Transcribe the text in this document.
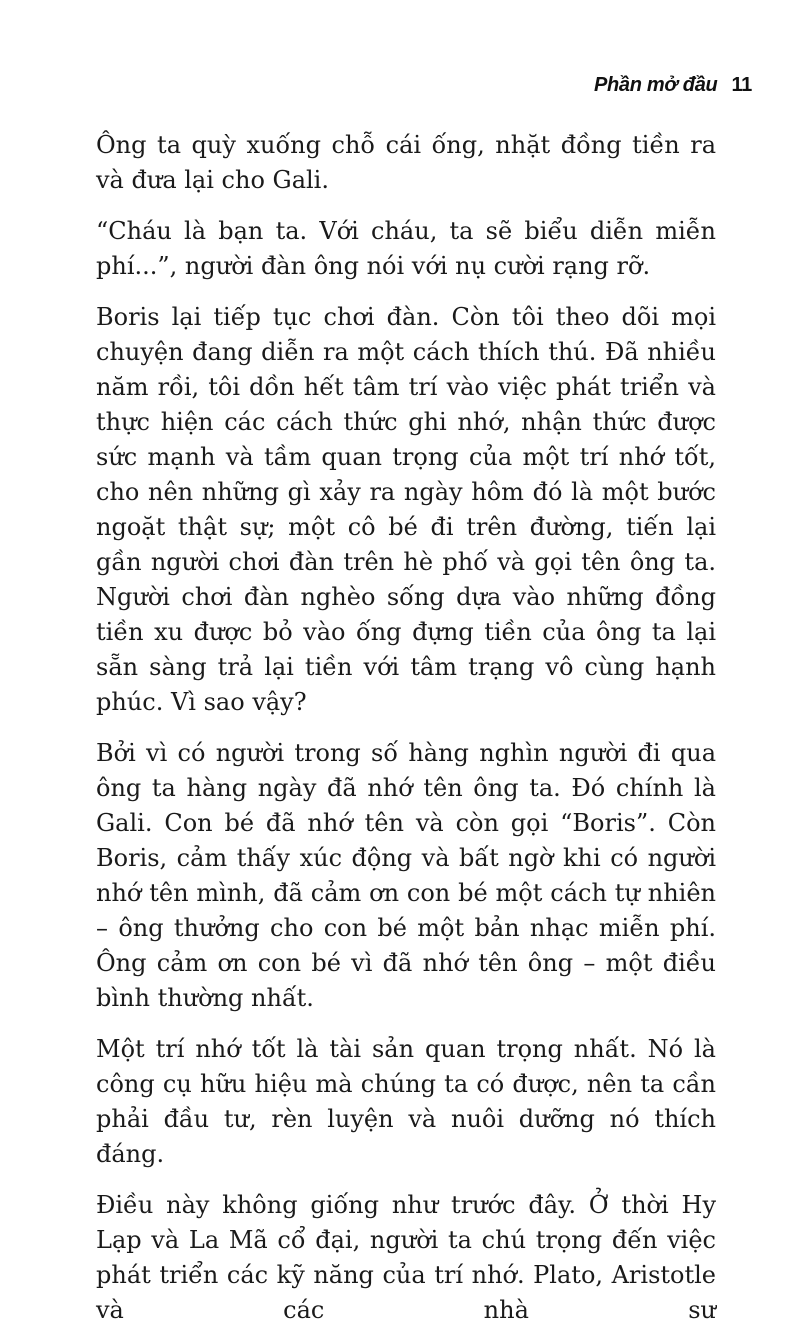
Phần mở đầu 11

Ông ta quỳ xuống chỗ cái ống, nhặt đồng tiền ra và đưa lại cho Gali.

“Cháu là bạn ta. Với cháu, ta sẽ biểu diễn miễn phí...”, người đàn ông nói với nụ cười rạng rỡ.

Boris lại tiếp tục chơi đàn. Còn tôi theo dõi mọi chuyện đang diễn ra một cách thích thú. Đã nhiều năm rồi, tôi dồn hết tâm trí vào việc phát triển và thực hiện các cách thức ghi nhớ, nhận thức được sức mạnh và tầm quan trọng của một trí nhớ tốt, cho nên những gì xảy ra ngày hôm đó là một bước ngoặt thật sự; một cô bé đi trên đường, tiến lại gần người chơi đàn trên hè phố và gọi tên ông ta. Người chơi đàn nghèo sống dựa vào những đồng tiền xu được bỏ vào ống đựng tiền của ông ta lại sẵn sàng trả lại tiền với tâm trạng vô cùng hạnh phúc. Vì sao vậy?

Bởi vì có người trong số hàng nghìn người đi qua ông ta hàng ngày đã nhớ tên ông ta. Đó chính là Gali. Con bé đã nhớ tên và còn gọi “Boris”. Còn Boris, cảm thấy xúc động và bất ngờ khi có người nhớ tên mình, đã cảm ơn con bé một cách tự nhiên – ông thưởng cho con bé một bản nhạc miễn phí. Ông cảm ơn con bé vì đã nhớ tên ông – một điều bình thường nhất.

Một trí nhớ tốt là tài sản quan trọng nhất. Nó là công cụ hữu hiệu mà chúng ta có được, nên ta cần phải đầu tư, rèn luyện và nuôi dưỡng nó thích đáng.

Điều này không giống như trước đây. Ở thời Hy Lạp và La Mã cổ đại, người ta chú trọng đến việc phát triển các kỹ năng của trí nhớ. Plato, Aristotle và các nhà sư
